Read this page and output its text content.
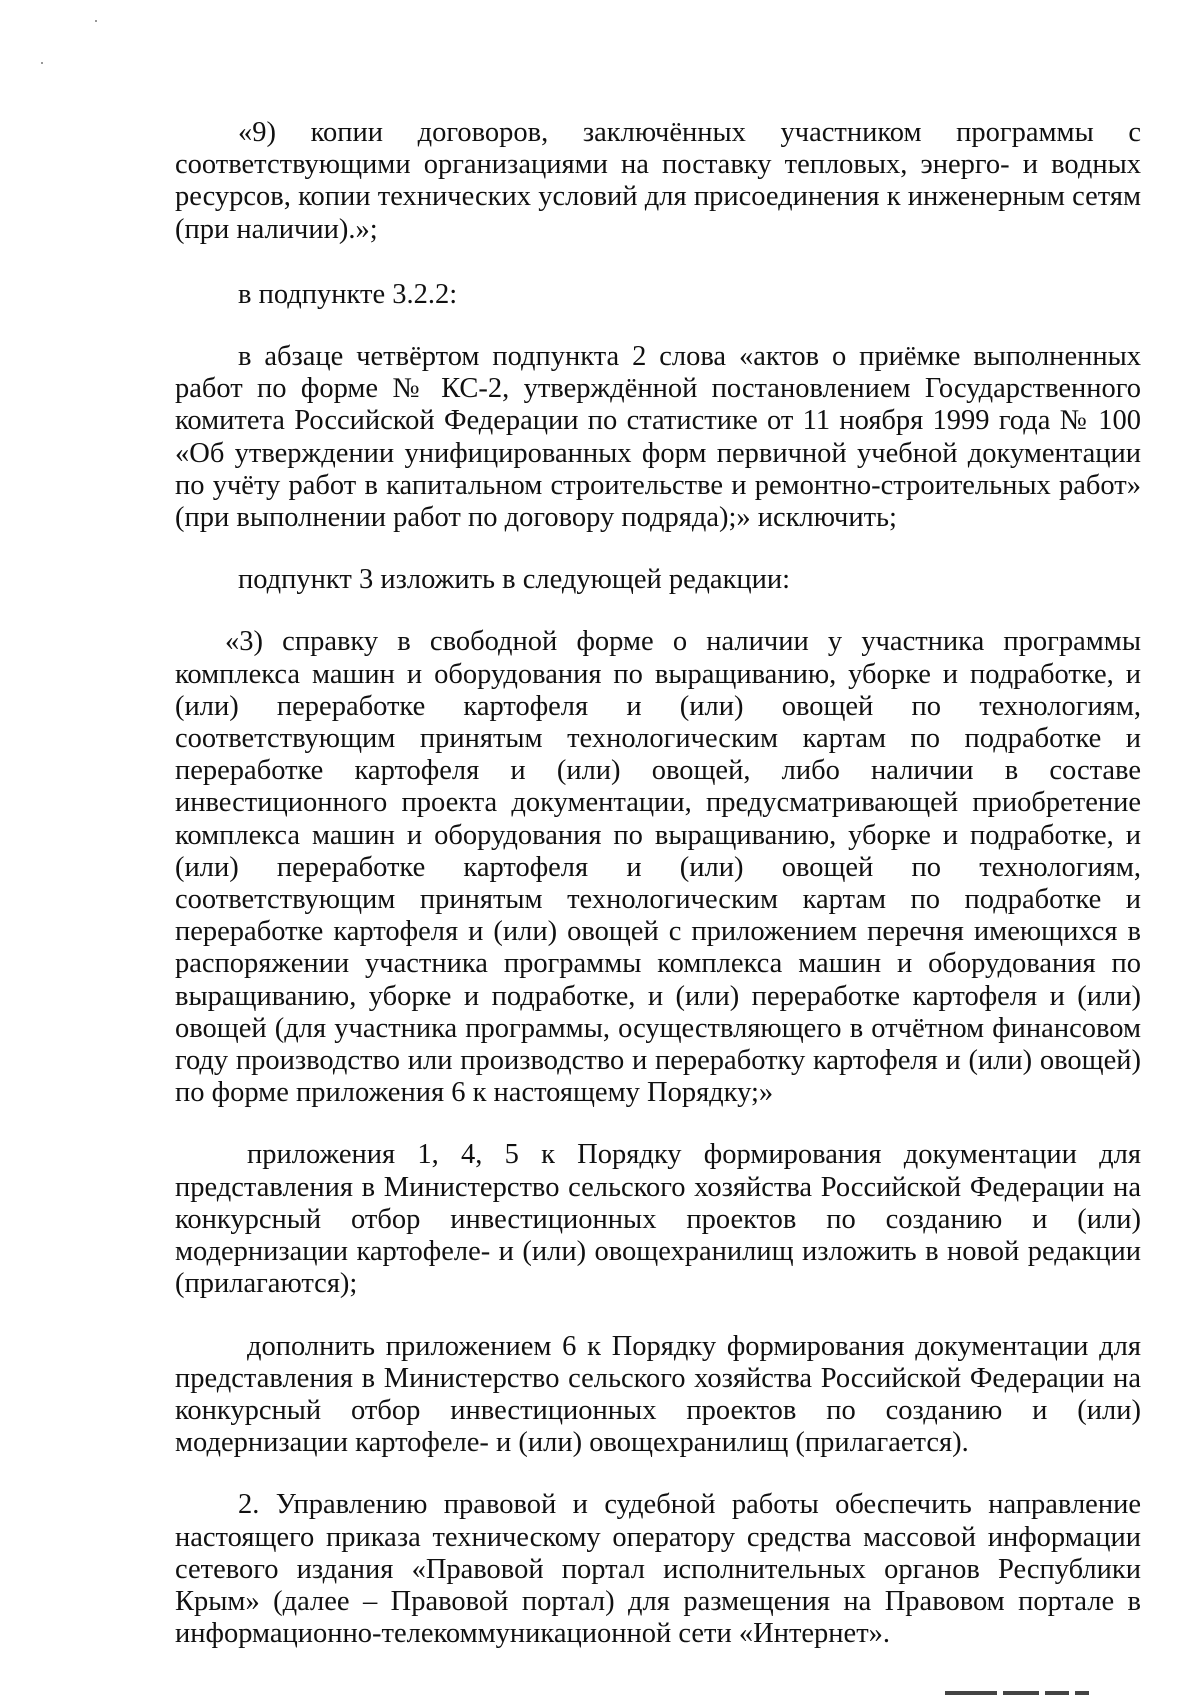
«9) копии договоров, заключённых участником программы с соответствующими организациями на поставку тепловых, энерго- и водных ресурсов, копии технических условий для присоединения к инженерным сетям (при наличии).»;

в подпункте 3.2.2:

в абзаце четвёртом подпункта 2 слова «актов о приёмке выполненных работ по форме № КС-2, утверждённой постановлением Государственного комитета Российской Федерации по статистике от 11 ноября 1999 года № 100 «Об утверждении унифицированных форм первичной учебной документации по учёту работ в капитальном строительстве и ремонтно-строительных работ» (при выполнении работ по договору подряда);» исключить;

подпункт 3 изложить в следующей редакции:

«3) справку в свободной форме о наличии у участника программы комплекса машин и оборудования по выращиванию, уборке и подработке, и (или) переработке картофеля и (или) овощей по технологиям, соответствующим принятым технологическим картам по подработке и переработке картофеля и (или) овощей, либо наличии в составе инвестиционного проекта документации, предусматривающей приобретение комплекса машин и оборудования по выращиванию, уборке и подработке, и (или) переработке картофеля и (или) овощей по технологиям, соответствующим принятым технологическим картам по подработке и переработке картофеля и (или) овощей с приложением перечня имеющихся в распоряжении участника программы комплекса машин и оборудования по выращиванию, уборке и подработке, и (или) переработке картофеля и (или) овощей (для участника программы, осуществляющего в отчётном финансовом году производство или производство и переработку картофеля и (или) овощей) по форме приложения 6 к настоящему Порядку;»

приложения 1, 4, 5 к Порядку формирования документации для представления в Министерство сельского хозяйства Российской Федерации на конкурсный отбор инвестиционных проектов по созданию и (или) модернизации картофеле- и (или) овощехранилищ изложить в новой редакции (прилагаются);

дополнить приложением 6 к Порядку формирования документации для представления в Министерство сельского хозяйства Российской Федерации на конкурсный отбор инвестиционных проектов по созданию и (или) модернизации картофеле- и (или) овощехранилищ (прилагается).

2. Управлению правовой и судебной работы обеспечить направление настоящего приказа техническому оператору средства массовой информации сетевого издания «Правовой портал исполнительных органов Республики Крым» (далее – Правовой портал) для размещения на Правовом портале в информационно-телекоммуникационной сети «Интернет».
